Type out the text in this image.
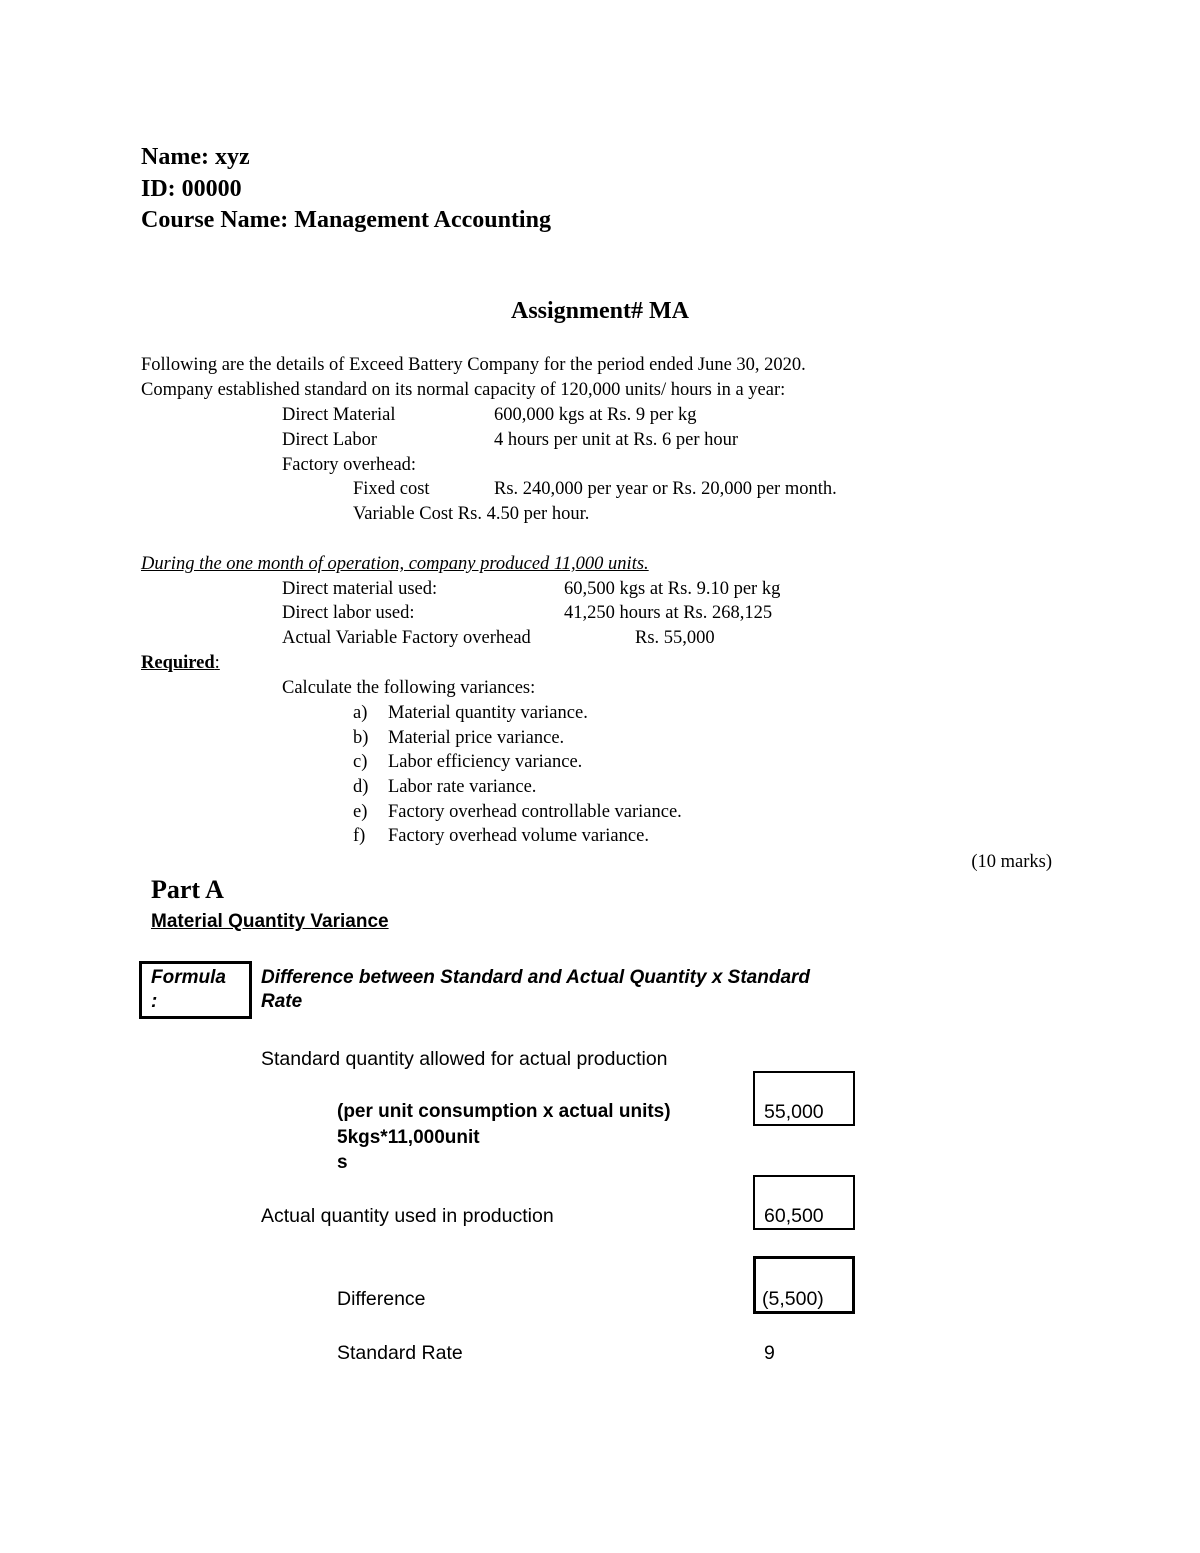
Name: xyz
ID: 00000
Course Name: Management Accounting
Assignment# MA
Following are the details of Exceed Battery Company for the period ended June 30, 2020.
Company established standard on its normal capacity of 120,000 units/ hours in a year:
Direct Material	600,000 kgs at Rs. 9 per kg
Direct Labor	4 hours per unit at Rs. 6 per hour
Factory overhead:
Fixed cost	Rs. 240,000 per year or Rs. 20,000 per month.
Variable Cost Rs. 4.50 per hour.
During the one month of operation, company produced 11,000 units.
Direct material used:	60,500 kgs at Rs. 9.10 per kg
Direct labor used:	41,250 hours at Rs. 268,125
Actual Variable Factory overhead	Rs. 55,000
Required:
Calculate the following variances:
a) Material quantity variance.
b) Material price variance.
c) Labor efficiency variance.
d) Labor rate variance.
e) Factory overhead controllable variance.
f) Factory overhead volume variance.
(10 marks)
Part A
Material Quantity Variance
Formula
:
Difference between Standard and Actual Quantity x Standard
Rate
Standard quantity allowed for actual production
55,000
(per unit consumption x actual units)
5kgs*11,000unit
s
Actual quantity used in production	60,500
Difference	(5,500)
Standard Rate	9
